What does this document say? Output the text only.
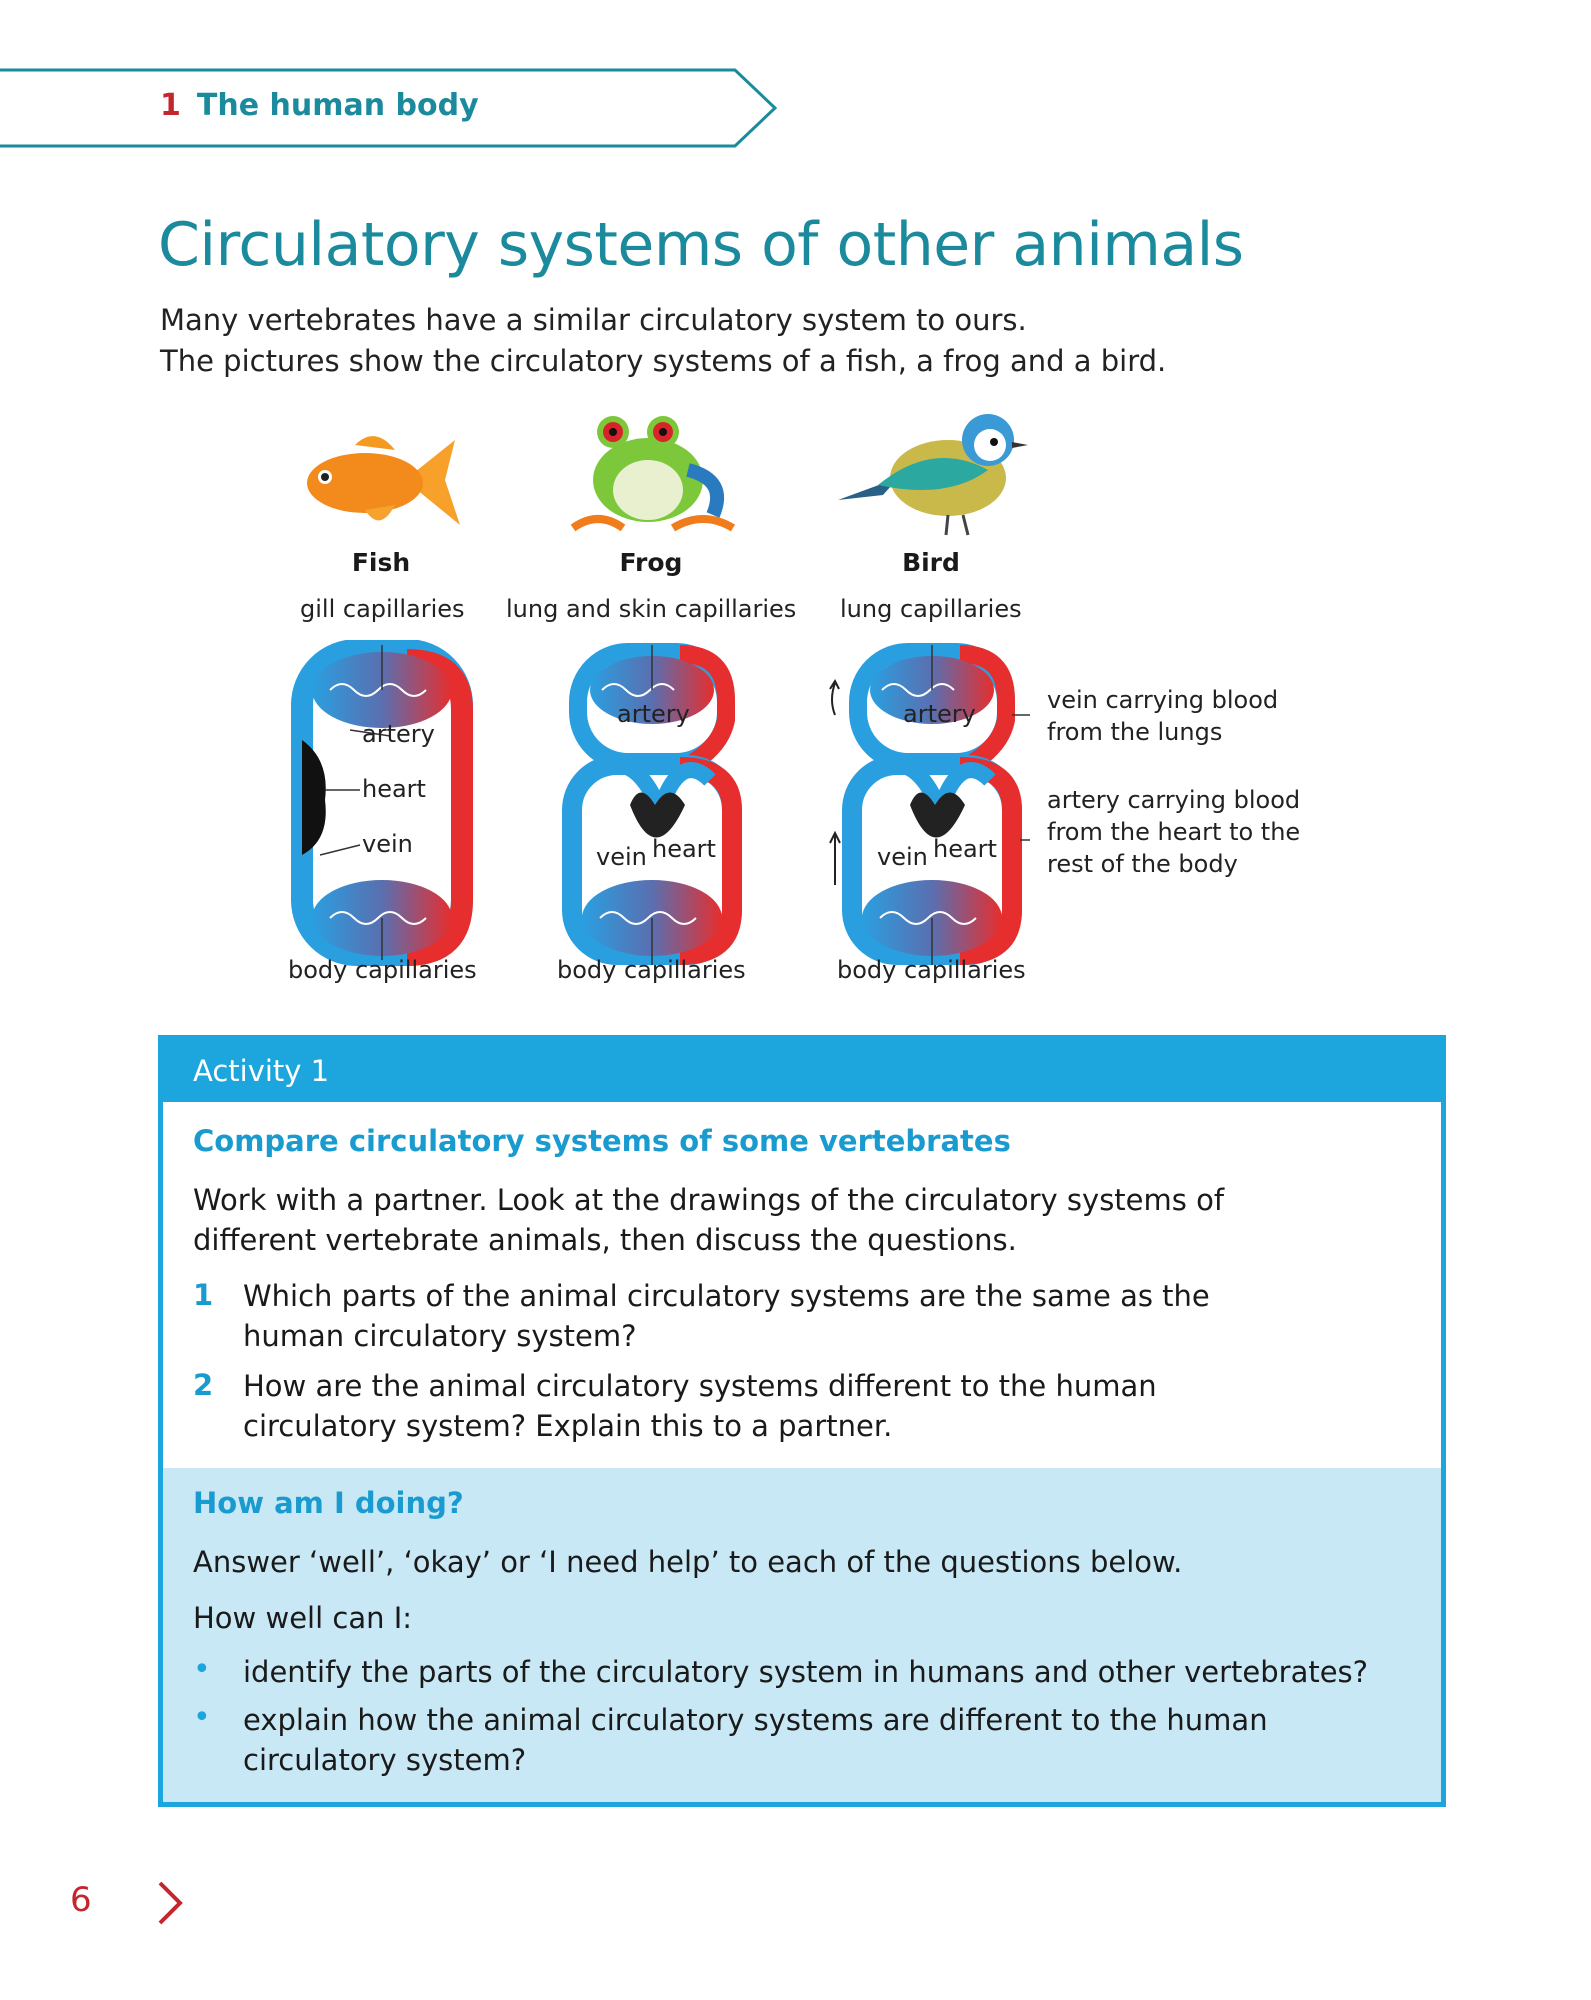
1 The human body
Circulatory systems of other animals
Many vertebrates have a similar circulatory system to ours.
The pictures show the circulatory systems of a fish, a frog and a bird.
Fish	Frog	Bird
gill capillaries lung and skin capillaries lung capillaries
artery
heart
vein
artery
vein heart
artery
vein heart
body capillaries	body capillaries	body capillaries
vein carrying blood
from the lungs
artery carrying blood
from the heart to the
rest of the body
Activity 1
Compare circulatory systems of some vertebrates
Work with a partner. Look at the drawings of the circulatory systems of different vertebrate animals, then discuss the questions.
1 Which parts of the animal circulatory systems are the same as the human circulatory system?
2 How are the animal circulatory systems different to the human circulatory system? Explain this to a partner.
How am I doing?
Answer ‘well’, ‘okay’ or ‘I need help’ to each of the questions below.
How well can I:
• identify the parts of the circulatory system in humans and other vertebrates?
• explain how the animal circulatory systems are different to the human circulatory system?
6
